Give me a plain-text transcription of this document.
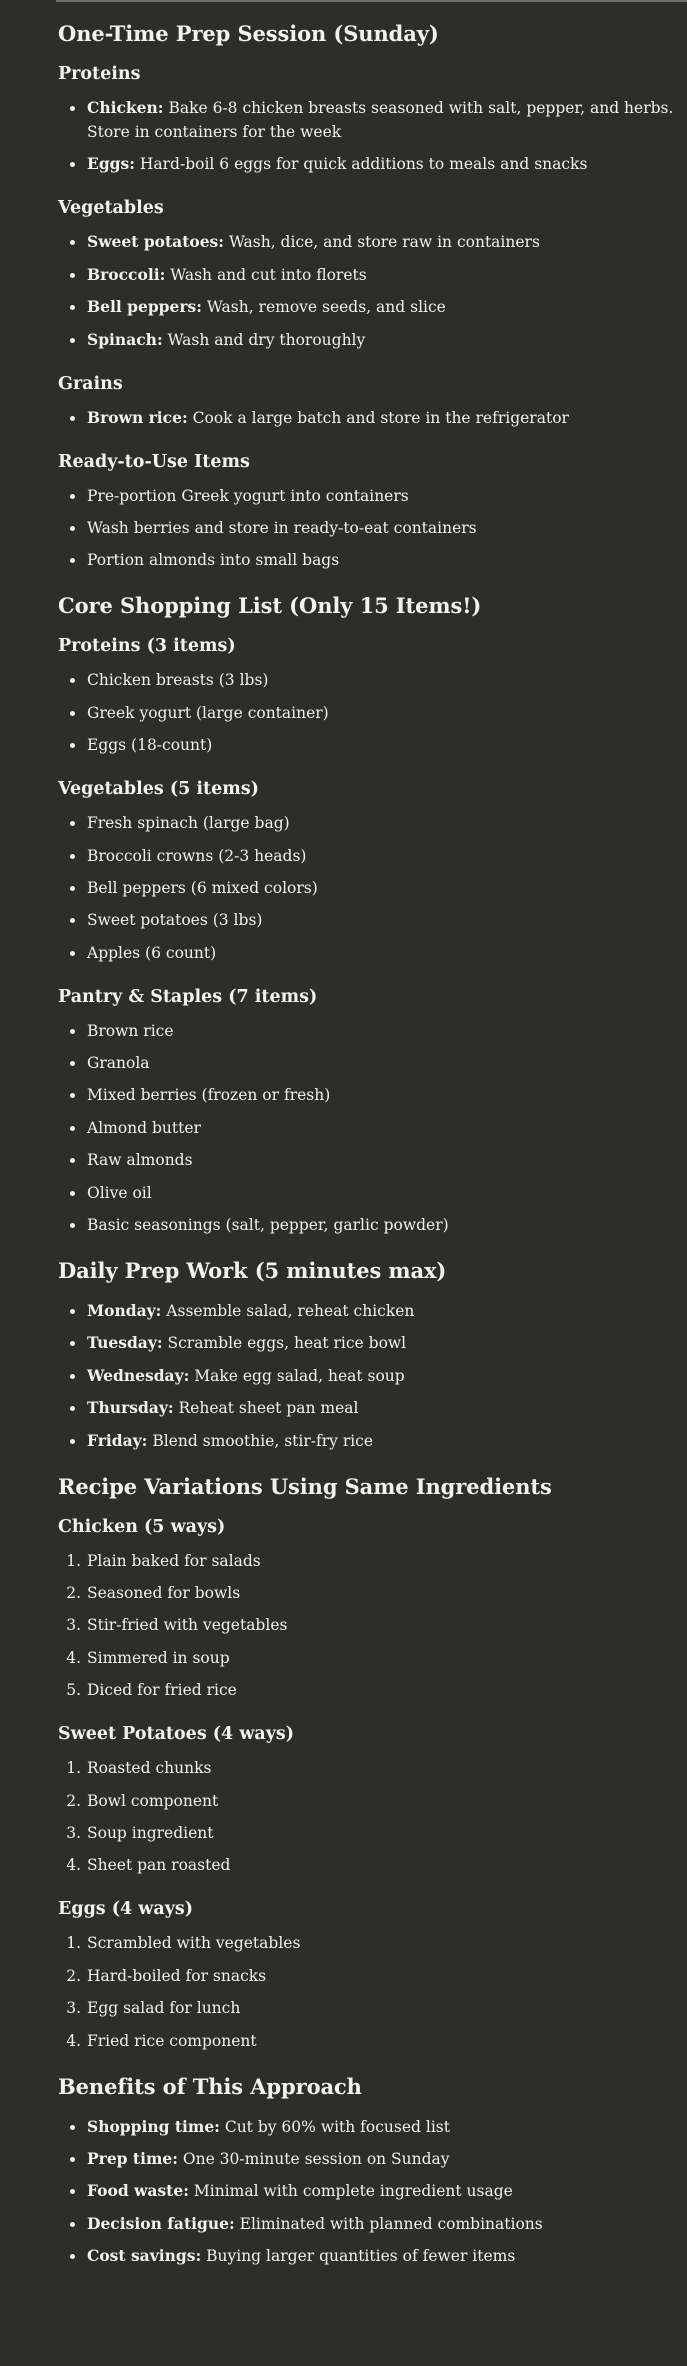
One-Time Prep Session (Sunday)
Proteins
• Chicken: Bake 6-8 chicken breasts seasoned with salt, pepper, and herbs. Store in containers for the week
• Eggs: Hard-boil 6 eggs for quick additions to meals and snacks
Vegetables
• Sweet potatoes: Wash, dice, and store raw in containers
• Broccoli: Wash and cut into florets
• Bell peppers: Wash, remove seeds, and slice
• Spinach: Wash and dry thoroughly
Grains
• Brown rice: Cook a large batch and store in the refrigerator
Ready-to-Use Items
• Pre-portion Greek yogurt into containers
• Wash berries and store in ready-to-eat containers
• Portion almonds into small bags
Core Shopping List (Only 15 Items!)
Proteins (3 items)
• Chicken breasts (3 lbs)
• Greek yogurt (large container)
• Eggs (18-count)
Vegetables (5 items)
• Fresh spinach (large bag)
• Broccoli crowns (2-3 heads)
• Bell peppers (6 mixed colors)
• Sweet potatoes (3 lbs)
• Apples (6 count)
Pantry & Staples (7 items)
• Brown rice
• Granola
• Mixed berries (frozen or fresh)
• Almond butter
• Raw almonds
• Olive oil
• Basic seasonings (salt, pepper, garlic powder)
Daily Prep Work (5 minutes max)
• Monday: Assemble salad, reheat chicken
• Tuesday: Scramble eggs, heat rice bowl
• Wednesday: Make egg salad, heat soup
• Thursday: Reheat sheet pan meal
• Friday: Blend smoothie, stir-fry rice
Recipe Variations Using Same Ingredients
Chicken (5 ways)
1. Plain baked for salads
2. Seasoned for bowls
3. Stir-fried with vegetables
4. Simmered in soup
5. Diced for fried rice
Sweet Potatoes (4 ways)
1. Roasted chunks
2. Bowl component
3. Soup ingredient
4. Sheet pan roasted
Eggs (4 ways)
1. Scrambled with vegetables
2. Hard-boiled for snacks
3. Egg salad for lunch
4. Fried rice component
Benefits of This Approach
• Shopping time: Cut by 60% with focused list
• Prep time: One 30-minute session on Sunday
• Food waste: Minimal with complete ingredient usage
• Decision fatigue: Eliminated with planned combinations
• Cost savings: Buying larger quantities of fewer items
